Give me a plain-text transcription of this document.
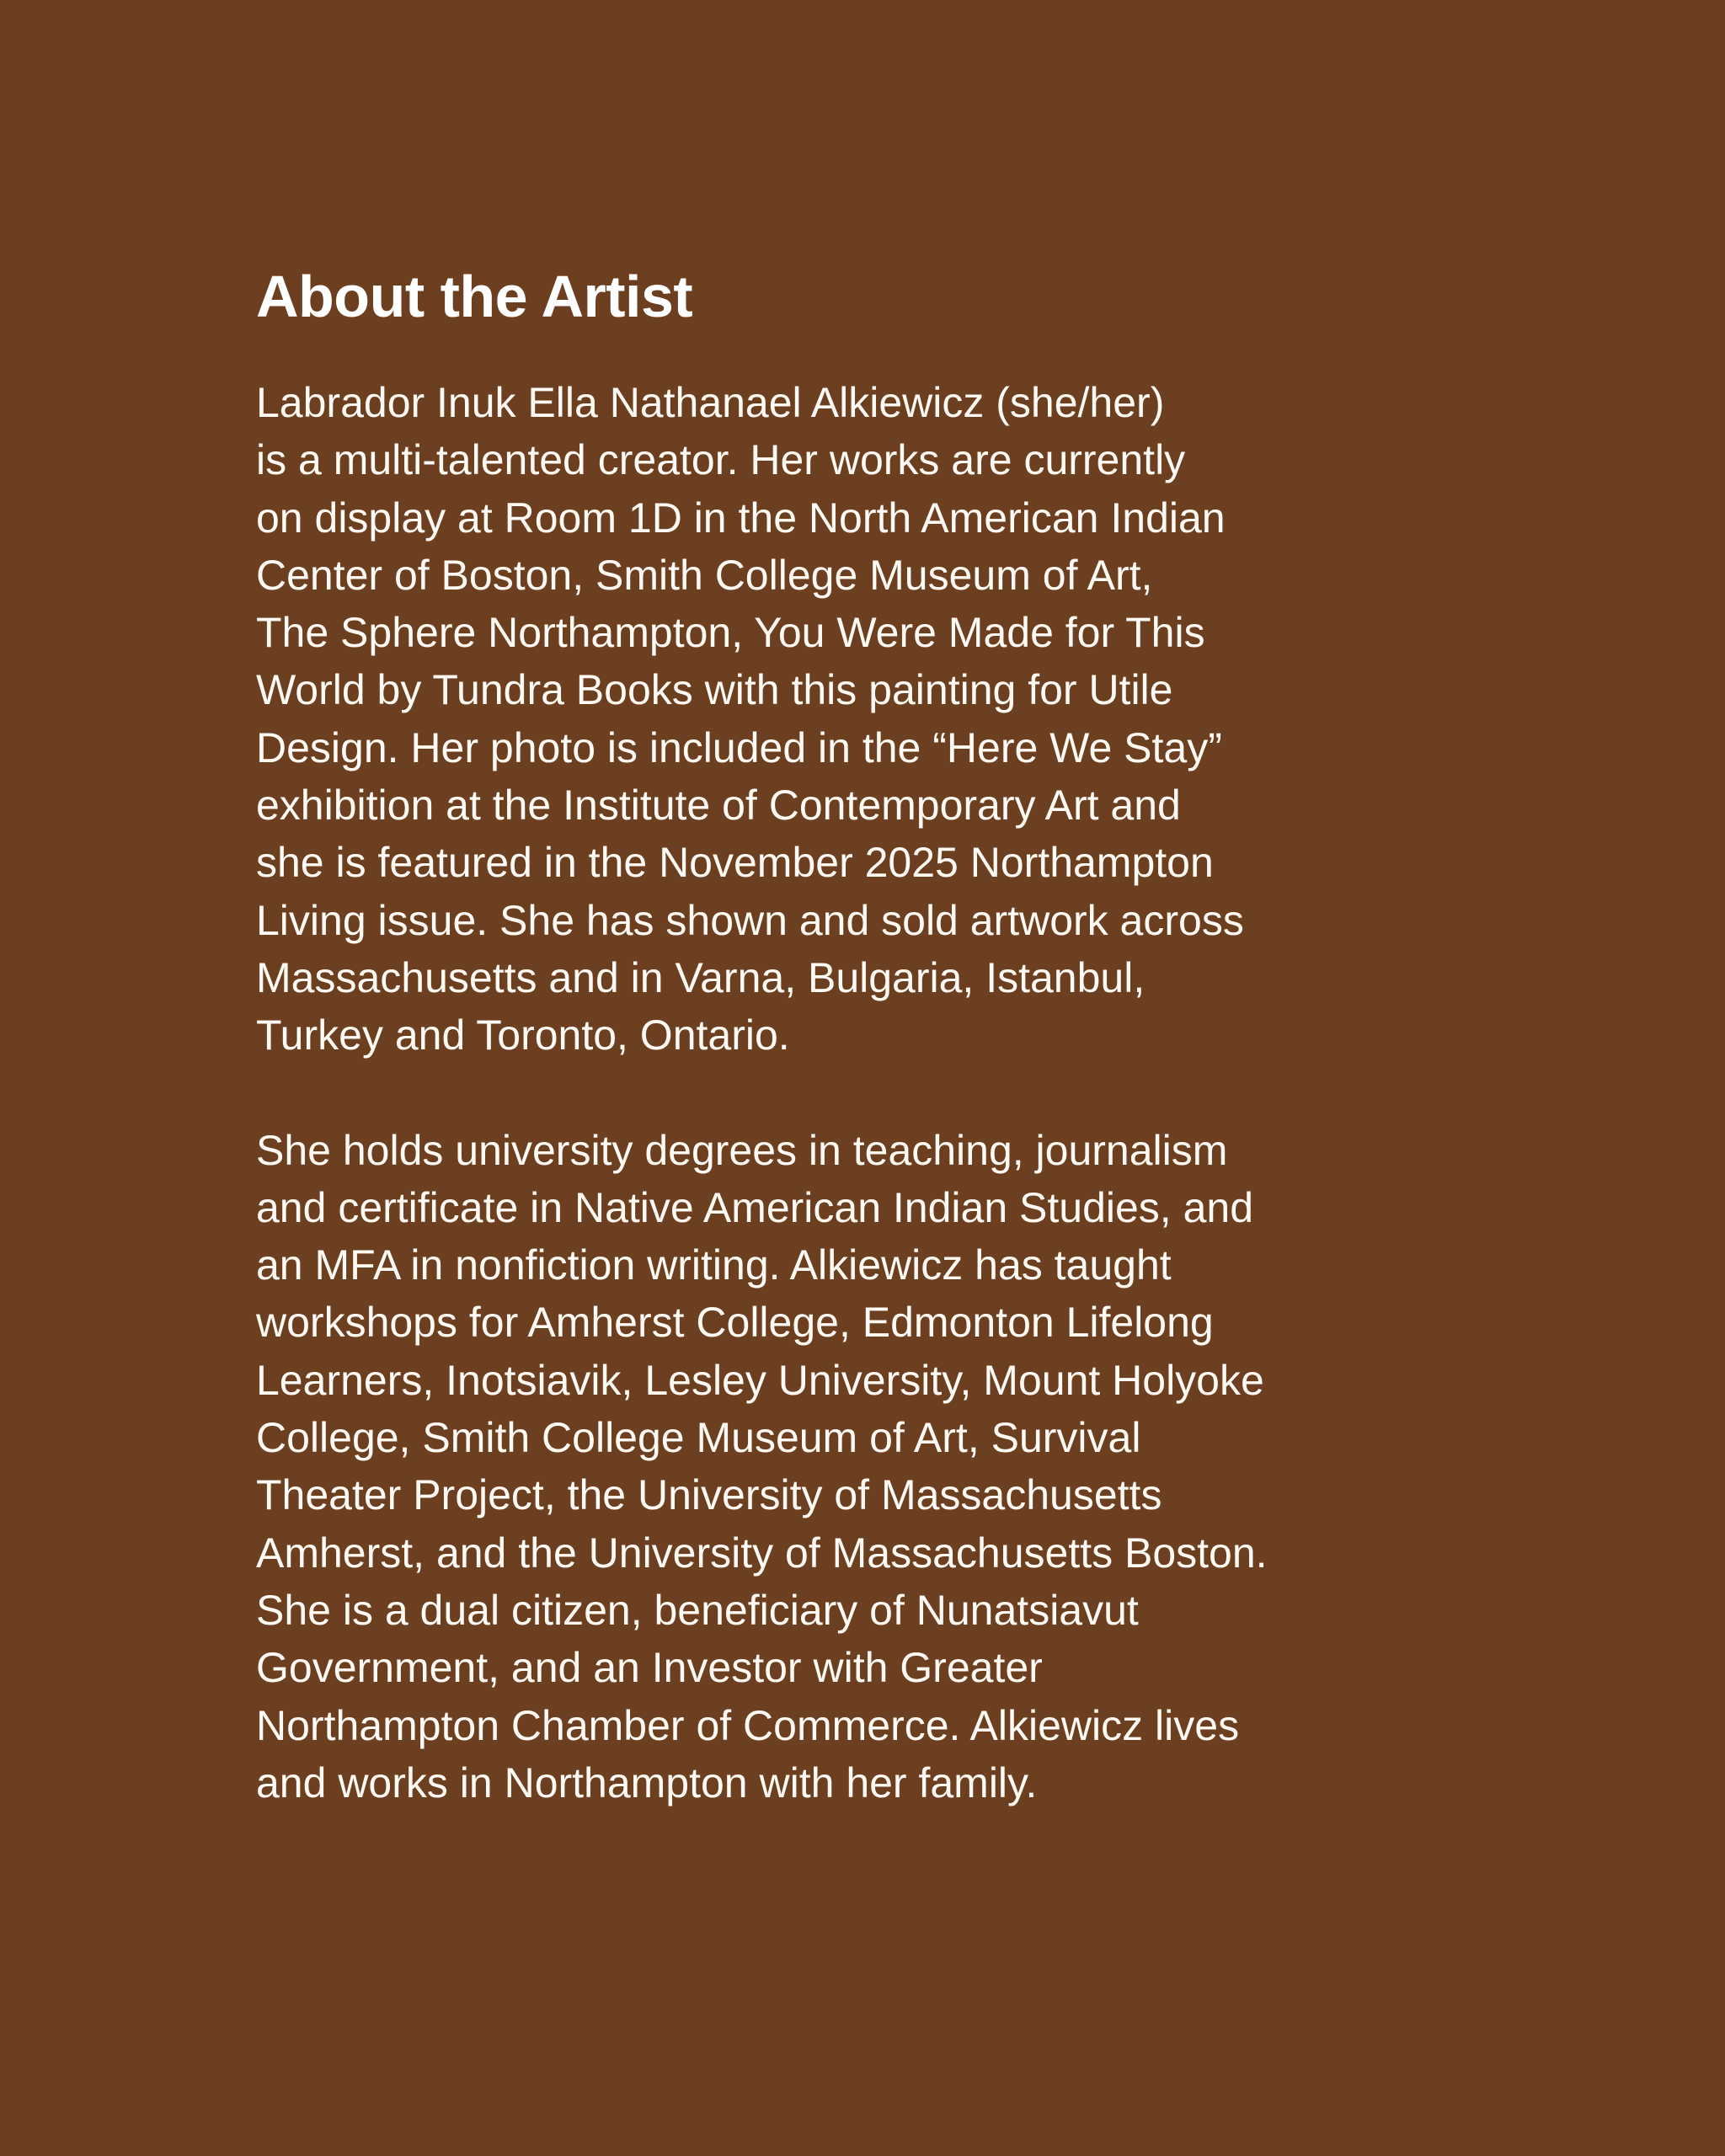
About the Artist

Labrador Inuk Ella Nathanael Alkiewicz (she/her)
is a multi-talented creator. Her works are currently
on display at Room 1D in the North American Indian
Center of Boston, Smith College Museum of Art,
The Sphere Northampton, You Were Made for This
World by Tundra Books with this painting for Utile
Design. Her photo is included in the “Here We Stay”
exhibition at the Institute of Contemporary Art and
she is featured in the November 2025 Northampton
Living issue. She has shown and sold artwork across
Massachusetts and in Varna, Bulgaria, Istanbul,
Turkey and Toronto, Ontario.

She holds university degrees in teaching, journalism
and certificate in Native American Indian Studies, and
an MFA in nonfiction writing. Alkiewicz has taught
workshops for Amherst College, Edmonton Lifelong
Learners, Inotsiavik, Lesley University, Mount Holyoke
College, Smith College Museum of Art, Survival
Theater Project, the University of Massachusetts
Amherst, and the University of Massachusetts Boston.
She is a dual citizen, beneficiary of Nunatsiavut
Government, and an Investor with Greater
Northampton Chamber of Commerce. Alkiewicz lives
and works in Northampton with her family.
